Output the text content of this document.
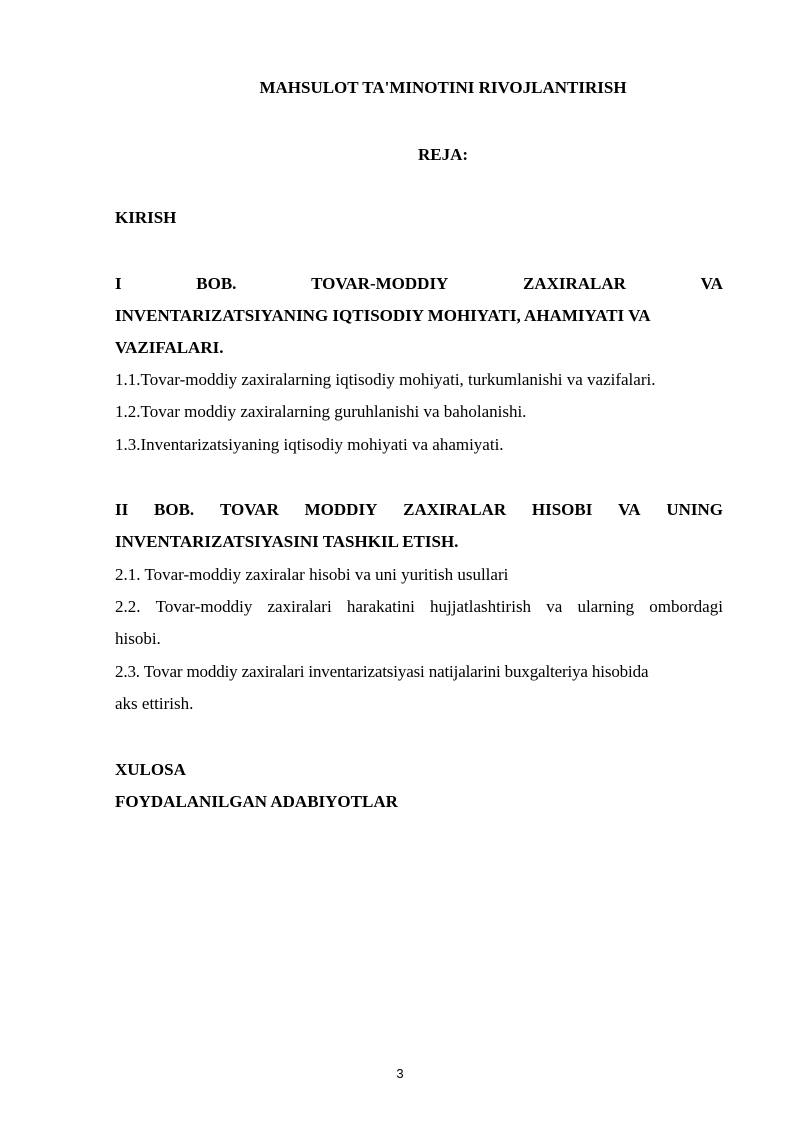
MAHSULOT TA'MINOTINI RIVOJLANTIRISH
REJA:
KIRISH
I	BOB.	TOVAR-MODDIY	ZAXIRALAR	VA
INVENTARIZATSIYANING IQTISODIY MOHIYATI, AHAMIYATI VA
VAZIFALARI.
1.1.Tovar-moddiy zaxiralarning iqtisodiy mohiyati, turkumlanishi va vazifalari.
1.2.Tovar moddiy zaxiralarning guruhlanishi va baholanishi.
1.3.Inventarizatsiyaning iqtisodiy mohiyati va ahamiyati.
II BOB. TOVAR MODDIY ZAXIRALAR HISOBI VA UNING
INVENTARIZATSIYASINI TASHKIL ETISH.
2.1. Tovar-moddiy zaxiralar hisobi va uni yuritish usullari
2.2. Tovar-moddiy zaxiralari harakatini hujjatlashtirish va ularning ombordagi
hisobi.
2.3. Tovar moddiy zaxiralari inventarizatsiyasi natijalarini buxgalteriya hisobida
aks ettirish.
XULOSA
FOYDALANILGAN ADABIYOTLAR
3
